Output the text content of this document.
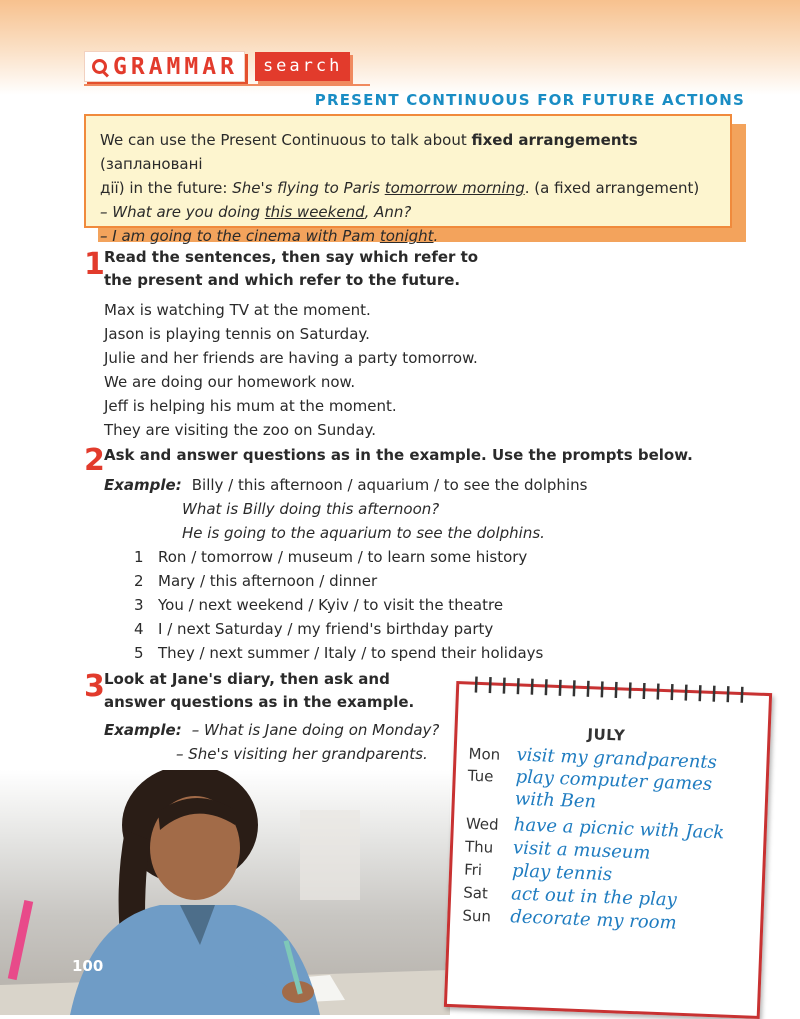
GRAMMAR	search
PRESENT CONTINUOUS FOR FUTURE ACTIONS
We can use the Present Continuous to talk about fixed arrangements (заплановані
дії) in the future: She's flying to Paris tomorrow morning. (a fixed arrangement)
– What are you doing this weekend, Ann?
– I am going to the cinema with Pam tonight.
1 Read the sentences, then say which refer to
the present and which refer to the future.
Max is watching TV at the moment.
Jason is playing tennis on Saturday.
Julie and her friends are having a party tomorrow.
We are doing our homework now.
Jeff is helping his mum at the moment.
They are visiting the zoo on Sunday.
2 Ask and answer questions as in the example. Use the prompts below.
Example: Billy / this afternoon / aquarium / to see the dolphins
What is Billy doing this afternoon?
He is going to the aquarium to see the dolphins.
1 Ron / tomorrow / museum / to learn some history
2 Mary / this afternoon / dinner
3 You / next weekend / Kyiv / to visit the theatre
4 I / next Saturday / my friend's birthday party
5 They / next summer / Italy / to spend their holidays
3 Look at Jane's diary, then ask and
answer questions as in the example.
Example: – What is Jane doing on Monday?
– She's visiting her grandparents.
100
JULY
Mon visit my grandparents
Tue	play computer games
with Ben
Wed have a picnic with Jack
Thu	visit a museum
Fri	play tennis
Sat	act out in the play
Sun	decorate my room
